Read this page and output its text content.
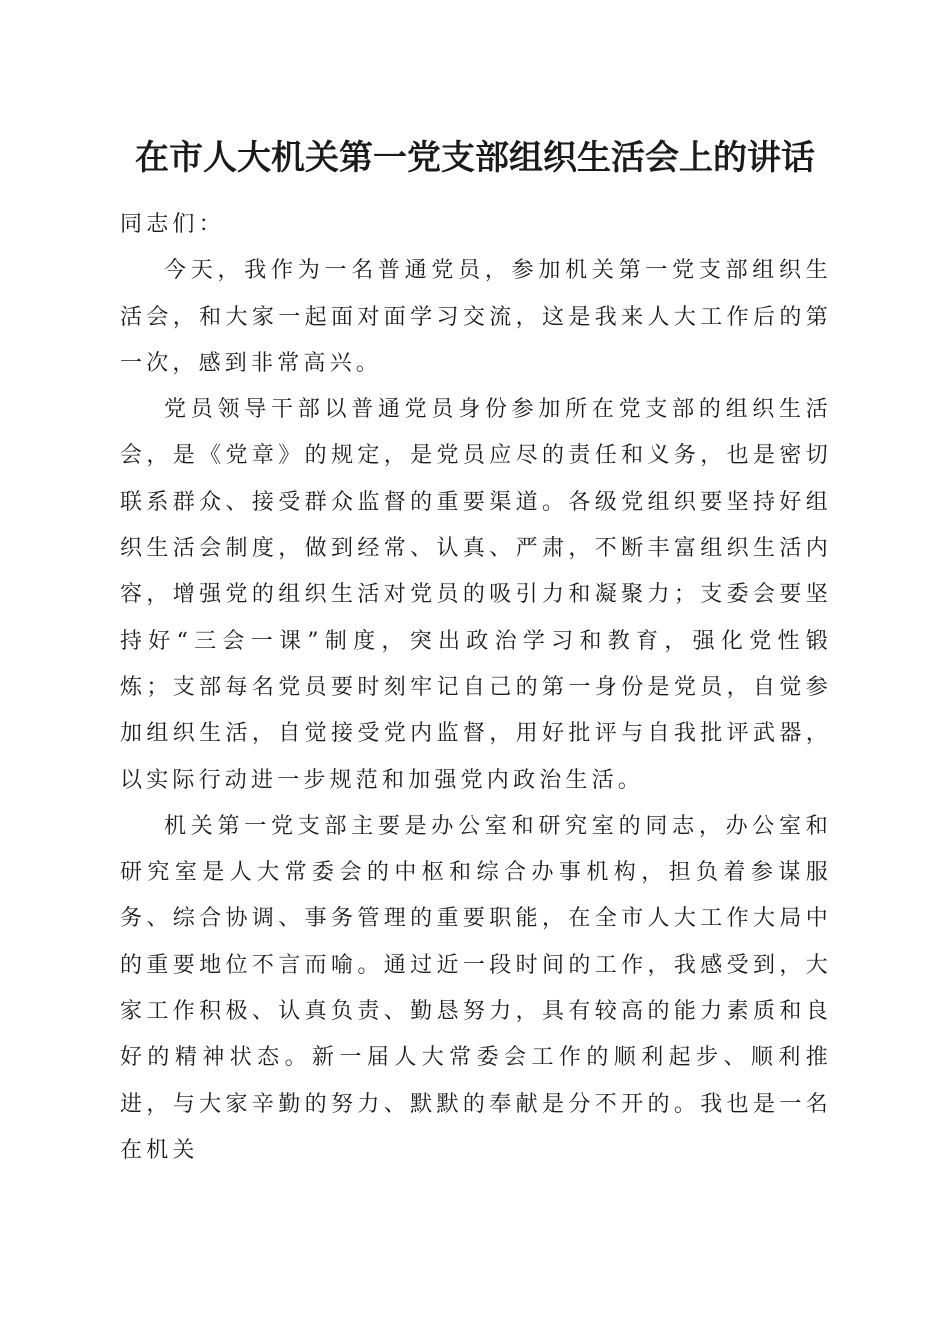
在市人大机关第一党支部组织生活会上的讲话

同志们：

今天，我作为一名普通党员，参加机关第一党支部组织生活会，和大家一起面对面学习交流，这是我来人大工作后的第一次，感到非常高兴。

党员领导干部以普通党员身份参加所在党支部的组织生活会，是《党章》的规定，是党员应尽的责任和义务，也是密切联系群众、接受群众监督的重要渠道。各级党组织要坚持好组织生活会制度，做到经常、认真、严肃，不断丰富组织生活内容，增强党的组织生活对党员的吸引力和凝聚力；支委会要坚持好“三会一课”制度，突出政治学习和教育，强化党性锻炼；支部每名党员要时刻牢记自己的第一身份是党员，自觉参加组织生活，自觉接受党内监督，用好批评与自我批评武器，以实际行动进一步规范和加强党内政治生活。

机关第一党支部主要是办公室和研究室的同志，办公室和研究室是人大常委会的中枢和综合办事机构，担负着参谋服务、综合协调、事务管理的重要职能，在全市人大工作大局中的重要地位不言而喻。通过近一段时间的工作，我感受到，大家工作积极、认真负责、勤恳努力，具有较高的能力素质和良好的精神状态。新一届人大常委会工作的顺利起步、顺利推进，与大家辛勤的努力、默默的奉献是分不开的。我也是一名在机关
